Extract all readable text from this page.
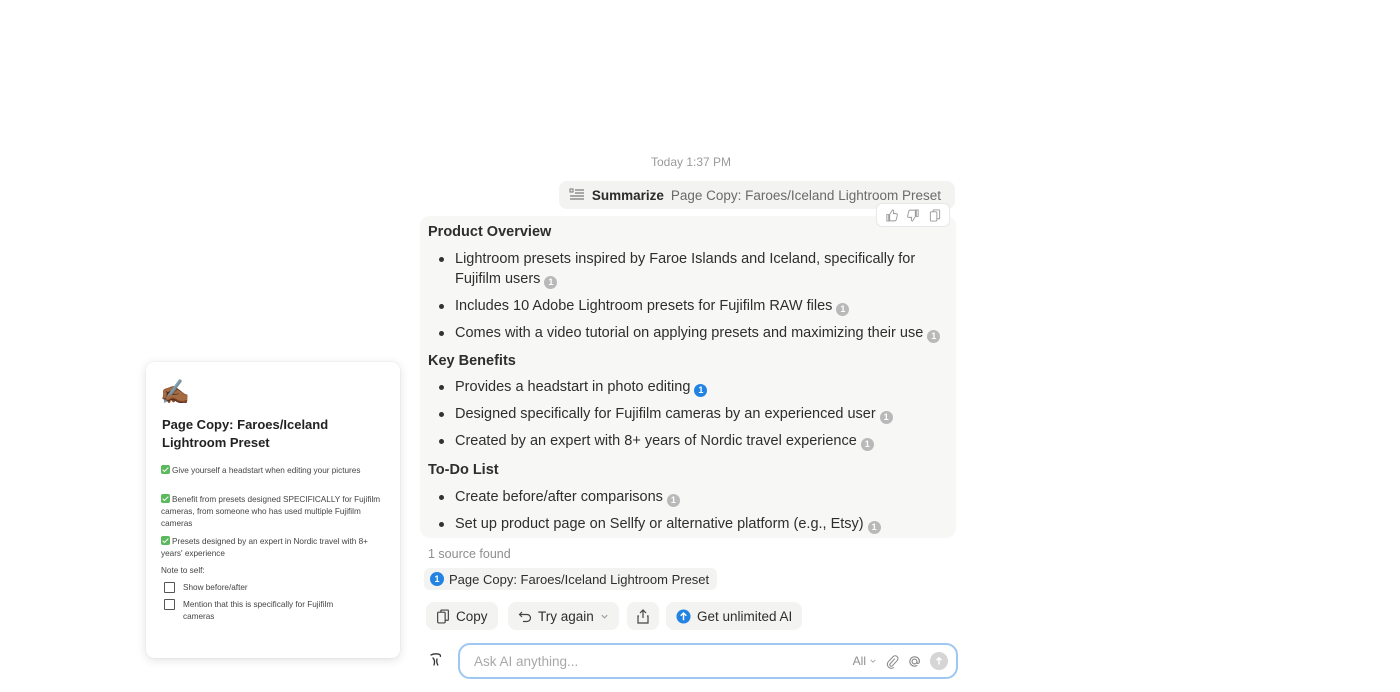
Today 1:37 PM
Summarize Page Copy: Faroes/Iceland Lightroom Preset
Product Overview
Lightroom presets inspired by Faroe Islands and Iceland, specifically for Fujifilm users 1
Includes 10 Adobe Lightroom presets for Fujifilm RAW files 1
Comes with a video tutorial on applying presets and maximizing their use 1
Key Benefits
Provides a headstart in photo editing 1
Designed specifically for Fujifilm cameras by an experienced user 1
Created by an expert with 8+ years of Nordic travel experience 1
To-Do List
Create before/after comparisons 1
Set up product page on Sellfy or alternative platform (e.g., Etsy) 1
1 source found
1 Page Copy: Faroes/Iceland Lightroom Preset
Copy	Try again	Get unlimited AI
Ask AI anything...
All
✍🏾
Page Copy: Faroes/Iceland Lightroom Preset
Give yourself a headstart when editing your pictures
Benefit from presets designed SPECIFICALLY for Fujifilm cameras, from someone who has used multiple Fujifilm cameras
Presets designed by an expert in Nordic travel with 8+ years' experience
Note to self:
Show before/after
Mention that this is specifically for Fujifilm cameras
